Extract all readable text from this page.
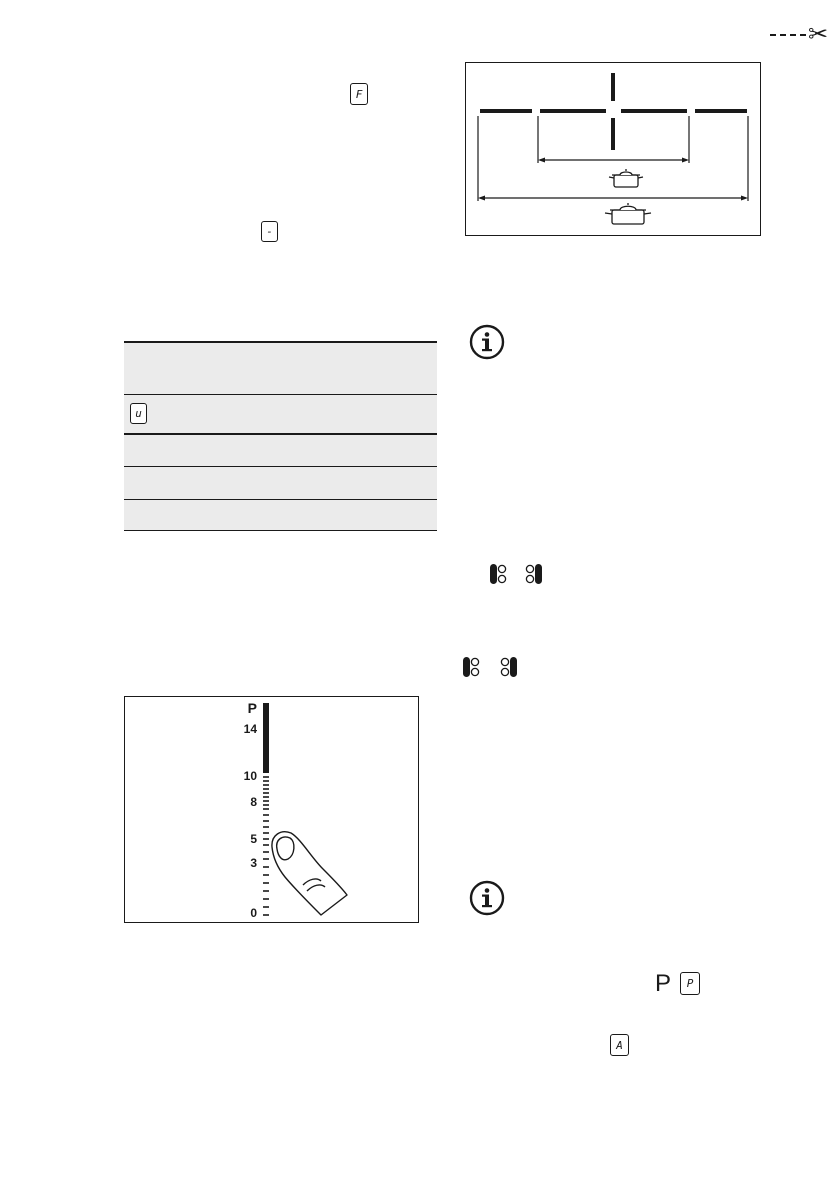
✂
F
-
u
P
14
10
8
5
3
0
P P
A
